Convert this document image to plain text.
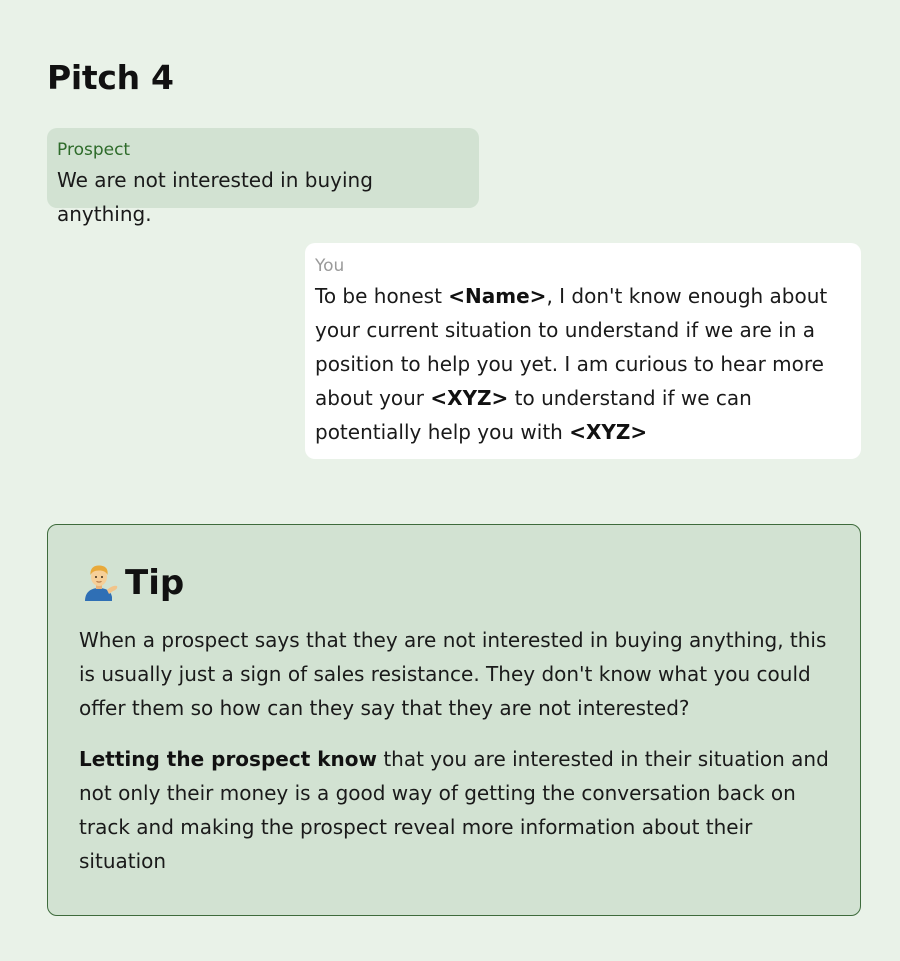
Pitch 4
Prospect

We are not interested in buying anything.

You

To be honest <Name>, I don't know enough about your current situation to understand if we are in a position to help you yet. I am curious to hear more about your <XYZ> to understand if we can potentially help you with <XYZ>

Tip

When a prospect says that they are not interested in buying anything, this is usually just a sign of sales resistance. They don't know what you could offer them so how can they say that they are not interested?

Letting the prospect know that you are interested in their situation and not only their money is a good way of getting the conversation back on track and making the prospect reveal more information about their situation
